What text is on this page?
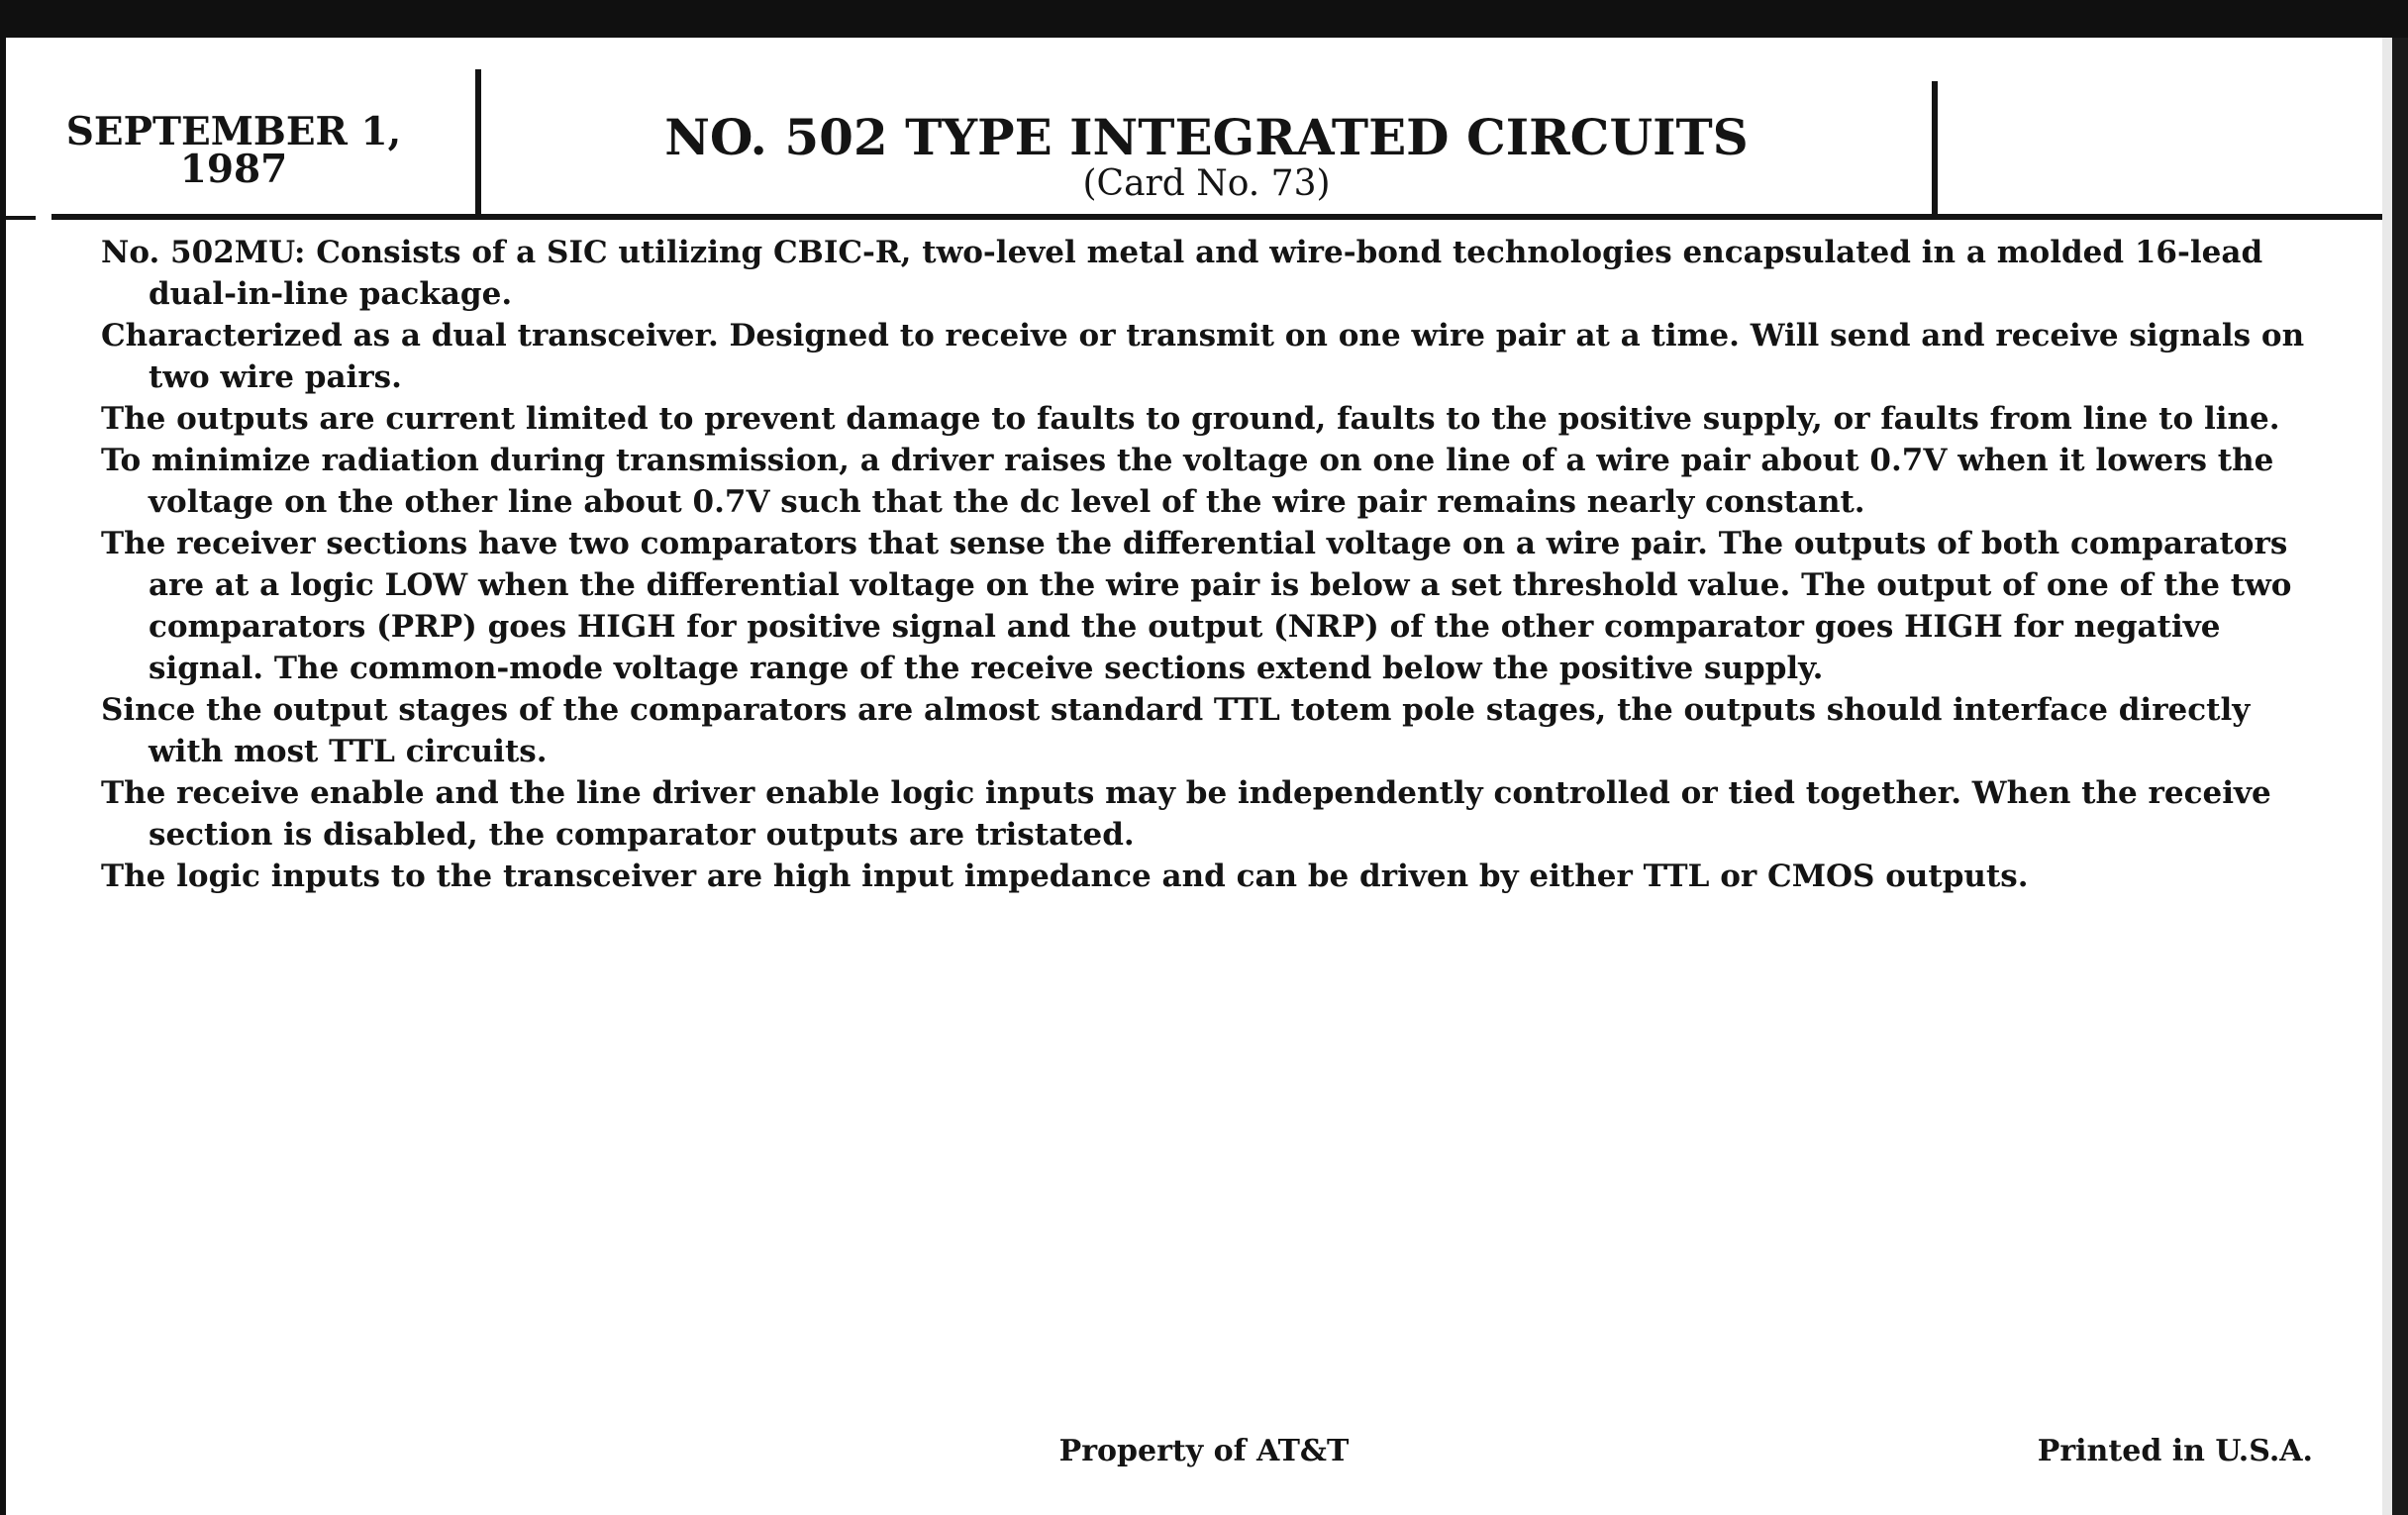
SEPTEMBER 1,
1987
NO. 502 TYPE INTEGRATED CIRCUITS
(Card No. 73)

No. 502MU: Consists of a SIC utilizing CBIC-R, two-level metal and wire-bond technologies encapsulated in a molded 16-lead dual-in-line package.

Characterized as a dual transceiver. Designed to receive or transmit on one wire pair at a time. Will send and receive signals on two wire pairs.

The outputs are current limited to prevent damage to faults to ground, faults to the positive supply, or faults from line to line.

To minimize radiation during transmission, a driver raises the voltage on one line of a wire pair about 0.7V when it lowers the voltage on the other line about 0.7V such that the dc level of the wire pair remains nearly constant.

The receiver sections have two comparators that sense the differential voltage on a wire pair. The outputs of both comparators are at a logic LOW when the differential voltage on the wire pair is below a set threshold value. The output of one of the two comparators (PRP) goes HIGH for positive signal and the output (NRP) of the other comparator goes HIGH for negative signal. The common-mode voltage range of the receive sections extend below the positive supply.

Since the output stages of the comparators are almost standard TTL totem pole stages, the outputs should interface directly with most TTL circuits.

The receive enable and the line driver enable logic inputs may be independently controlled or tied together. When the receive section is disabled, the comparator outputs are tristated.

The logic inputs to the transceiver are high input impedance and can be driven by either TTL or CMOS outputs.

Property of AT&T	Printed in U.S.A.
